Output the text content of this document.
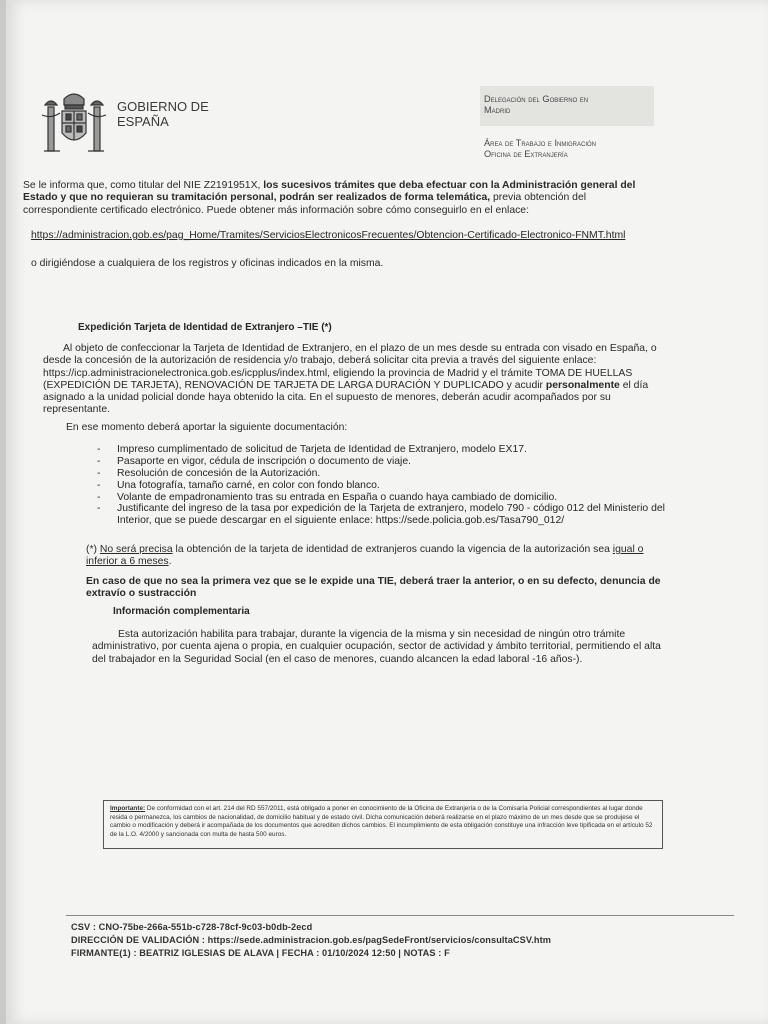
GOBIERNO DE
ESPAÑA
Delegación del Gobierno en
Madrid
Área de Trabajo e Inmigración
Oficina de Extranjería
Se le informa que, como titular del NIE Z2191951X, los sucesivos trámites que deba efectuar con la Administración general del Estado y que no requieran su tramitación personal, podrán ser realizados de forma telemática, previa obtención del correspondiente certificado electrónico. Puede obtener más información sobre cómo conseguirlo en el enlace:
https://administracion.gob.es/pag_Home/Tramites/ServiciosElectronicosFrecuentes/Obtencion-Certificado-Electronico-FNMT.html
o dirigiéndose a cualquiera de los registros y oficinas indicados en la misma.
Expedición Tarjeta de Identidad de Extranjero –TIE (*)
Al objeto de confeccionar la Tarjeta de Identidad de Extranjero, en el plazo de un mes desde su entrada con visado en España, o desde la concesión de la autorización de residencia y/o trabajo, deberá solicitar cita previa a través del siguiente enlace: https://icp.administracionelectronica.gob.es/icpplus/index.html, eligiendo la provincia de Madrid y el trámite TOMA DE HUELLAS (EXPEDICIÓN DE TARJETA), RENOVACIÓN DE TARJETA DE LARGA DURACIÓN Y DUPLICADO y acudir personalmente el día asignado a la unidad policial donde haya obtenido la cita. En el supuesto de menores, deberán acudir acompañados por su representante.
En ese momento deberá aportar la siguiente documentación:
- Impreso cumplimentado de solicitud de Tarjeta de Identidad de Extranjero, modelo EX17.
- Pasaporte en vigor, cédula de inscripción o documento de viaje.
- Resolución de concesión de la Autorización.
- Una fotografía, tamaño carné, en color con fondo blanco.
- Volante de empadronamiento tras su entrada en España o cuando haya cambiado de domicilio.
- Justificante del ingreso de la tasa por expedición de la Tarjeta de extranjero, modelo 790 - código 012 del Ministerio del Interior, que se puede descargar en el siguiente enlace: https://sede.policia.gob.es/Tasa790_012/
(*) No será precisa la obtención de la tarjeta de identidad de extranjeros cuando la vigencia de la autorización sea igual o inferior a 6 meses.
En caso de que no sea la primera vez que se le expide una TIE, deberá traer la anterior, o en su defecto, denuncia de extravío o sustracción
Información complementaria
Esta autorización habilita para trabajar, durante la vigencia de la misma y sin necesidad de ningún otro trámite administrativo, por cuenta ajena o propia, en cualquier ocupación, sector de actividad y ámbito territorial, permitiendo el alta del trabajador en la Seguridad Social (en el caso de menores, cuando alcancen la edad laboral -16 años-).
Importante: De conformidad con el art. 214 del RD 557/2011, está obligado a poner en conocimiento de la Oficina de Extranjería o de la Comisaría Policial correspondientes al lugar donde resida o permanezca, los cambios de nacionalidad, de domicilio habitual y de estado civil. Dicha comunicación deberá realizarse en el plazo máximo de un mes desde que se produjese el cambio o modificación y deberá ir acompañada de los documentos que acrediten dichos cambios. El incumplimiento de esta obligación constituye una infracción leve tipificada en el artículo 52 de la L.O. 4/2000 y sancionada con multa de hasta 500 euros.
CSV : CNO-75be-266a-551b-c728-78cf-9c03-b0db-2ecd
DIRECCIÓN DE VALIDACIÓN : https://sede.administracion.gob.es/pagSedeFront/servicios/consultaCSV.htm
FIRMANTE(1) : BEATRIZ IGLESIAS DE ALAVA | FECHA : 01/10/2024 12:50 | NOTAS : F
